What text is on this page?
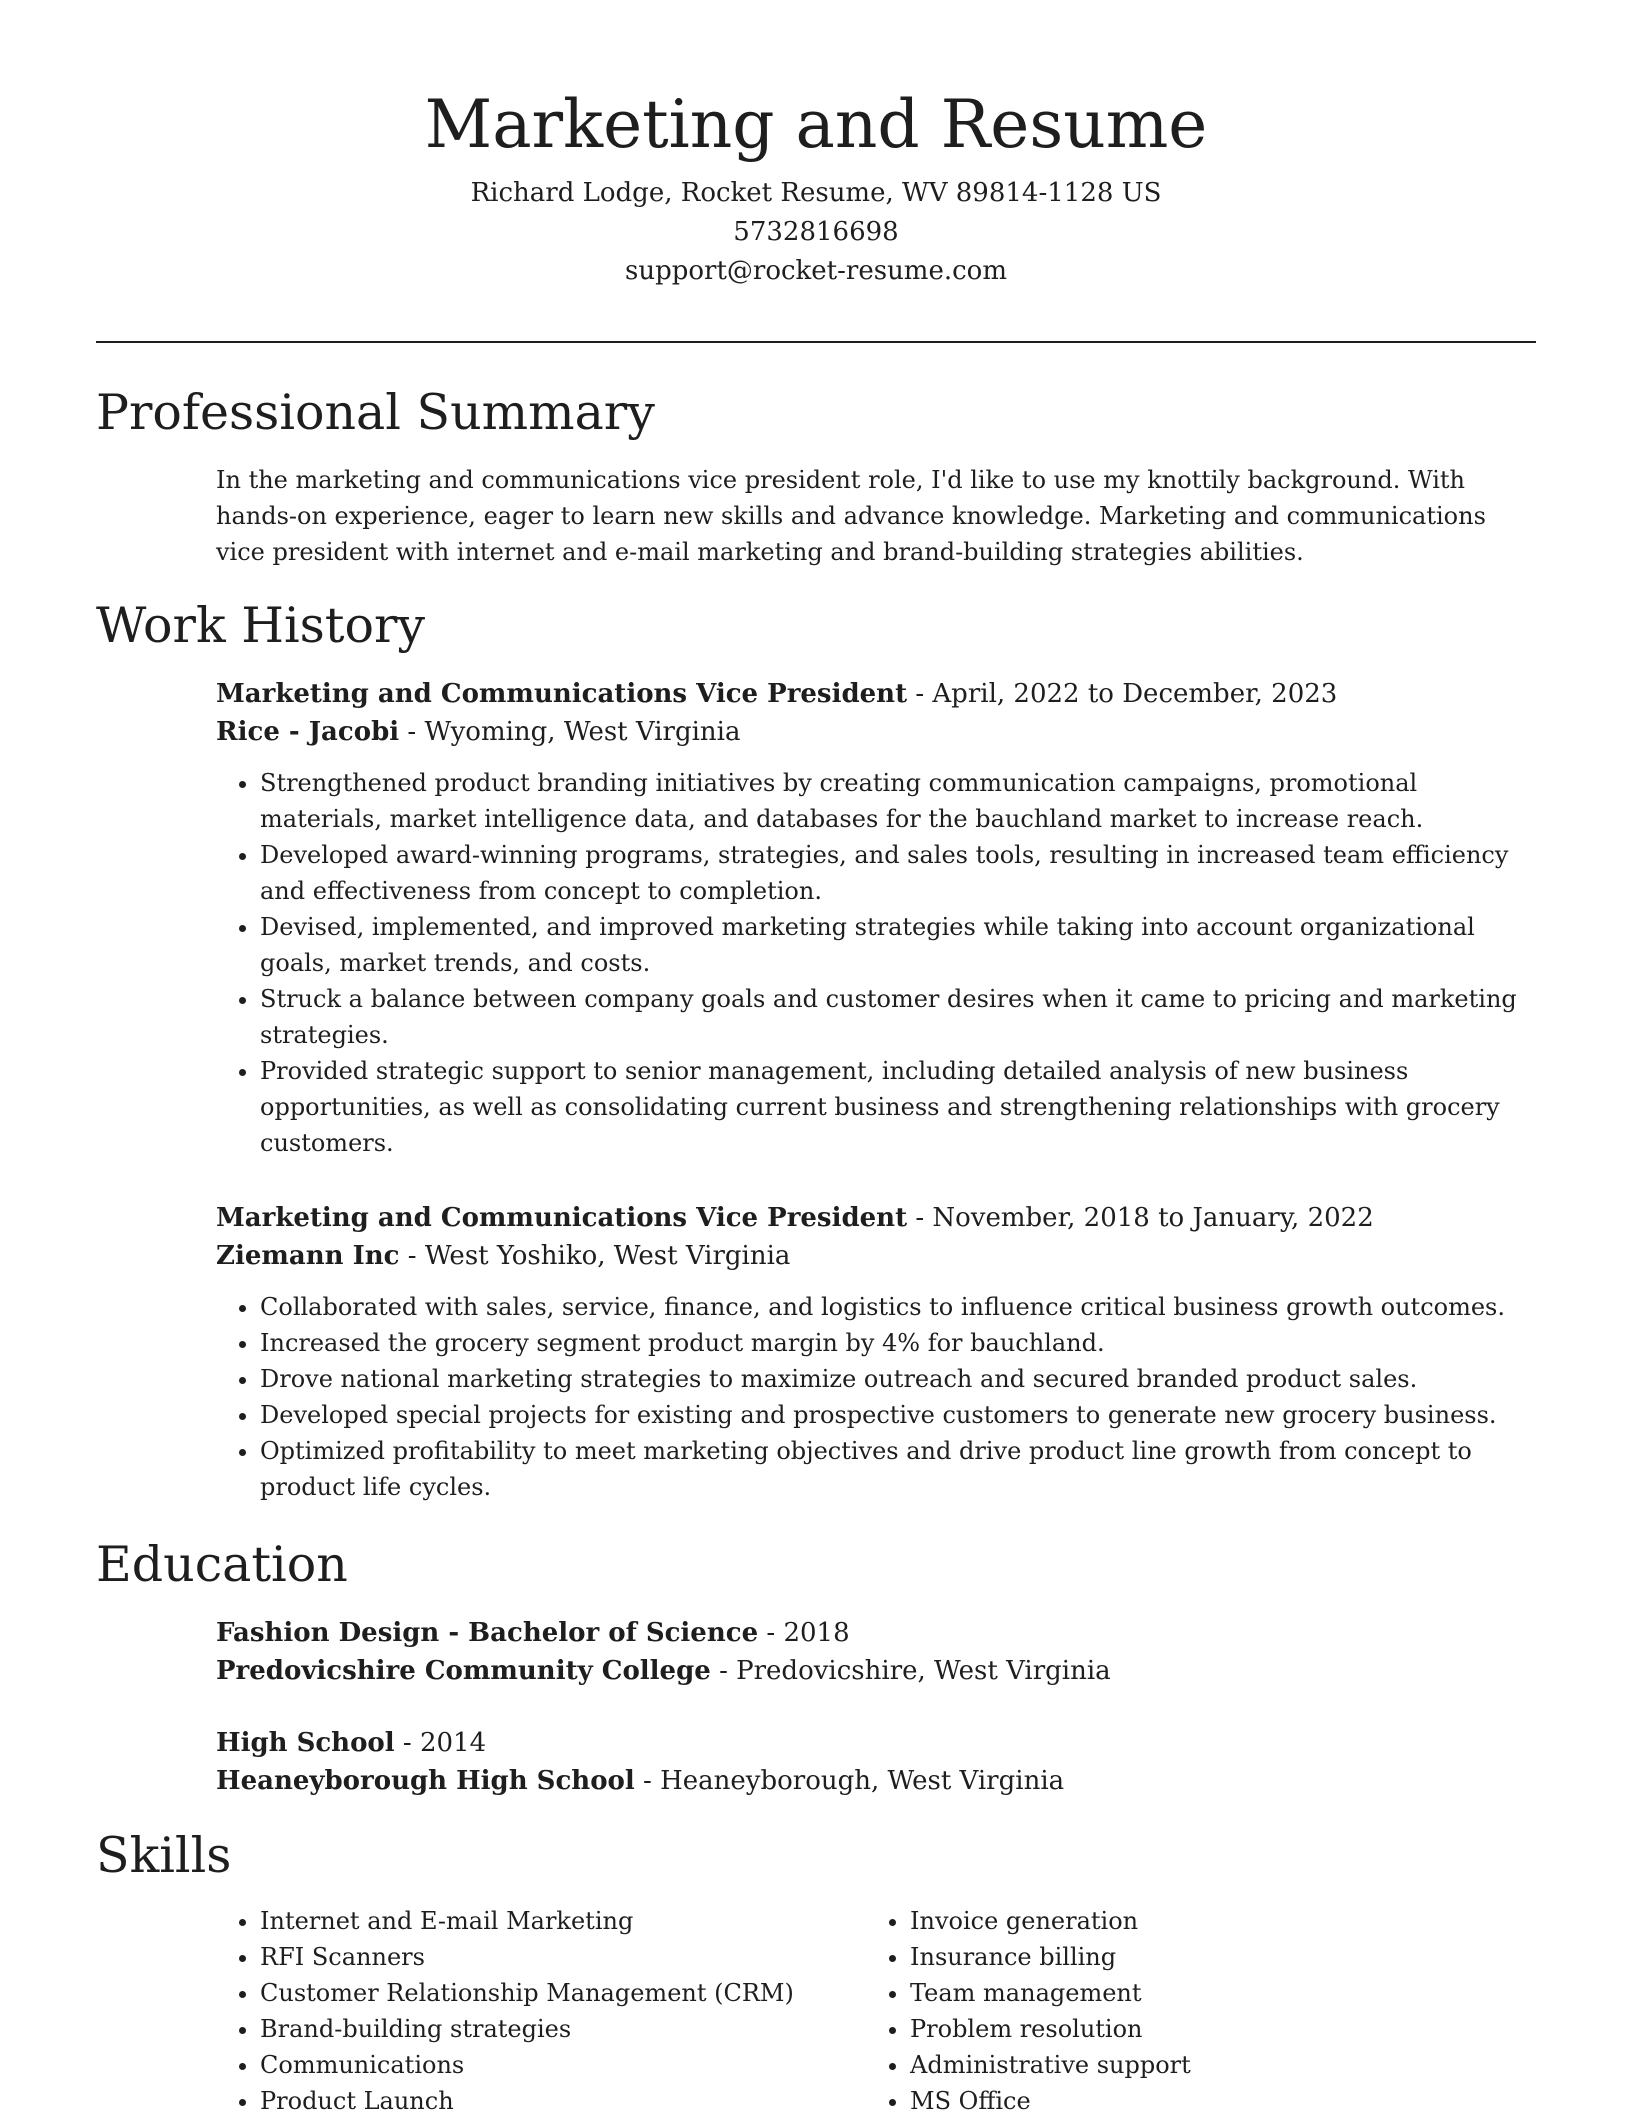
Marketing and Resume

Richard Lodge, Rocket Resume, WV 89814-1128 US

5732816698

support@rocket-resume.com

Professional Summary

In the marketing and communications vice president role, I'd like to use my knottily background. With hands-on experience, eager to learn new skills and advance knowledge. Marketing and communications vice president with internet and e-mail marketing and brand-building strategies abilities.

Work History

Marketing and Communications Vice President - April, 2022 to December, 2023

Rice - Jacobi - Wyoming, West Virginia

• Strengthened product branding initiatives by creating communication campaigns, promotional materials, market intelligence data, and databases for the bauchland market to increase reach.
• Developed award-winning programs, strategies, and sales tools, resulting in increased team efficiency and effectiveness from concept to completion.
• Devised, implemented, and improved marketing strategies while taking into account organizational goals, market trends, and costs.
• Struck a balance between company goals and customer desires when it came to pricing and marketing strategies.
• Provided strategic support to senior management, including detailed analysis of new business opportunities, as well as consolidating current business and strengthening relationships with grocery customers.

Marketing and Communications Vice President - November, 2018 to January, 2022

Ziemann Inc - West Yoshiko, West Virginia

• Collaborated with sales, service, finance, and logistics to influence critical business growth outcomes.
• Increased the grocery segment product margin by 4% for bauchland.
• Drove national marketing strategies to maximize outreach and secured branded product sales.
• Developed special projects for existing and prospective customers to generate new grocery business.
• Optimized profitability to meet marketing objectives and drive product line growth from concept to product life cycles.
Education

Fashion Design - Bachelor of Science - 2018

Predovicshire Community College - Predovicshire, West Virginia

High School - 2014

Heaneyborough High School - Heaneyborough, West Virginia

Skills
• Internet and E-mail Marketing
• RFI Scanners
• Customer Relationship Management (CRM)
• Brand-building strategies
• Communications
• Product Launch
• Invoice generation
• Insurance billing
• Team management
• Problem resolution
• Administrative support
• MS Office
